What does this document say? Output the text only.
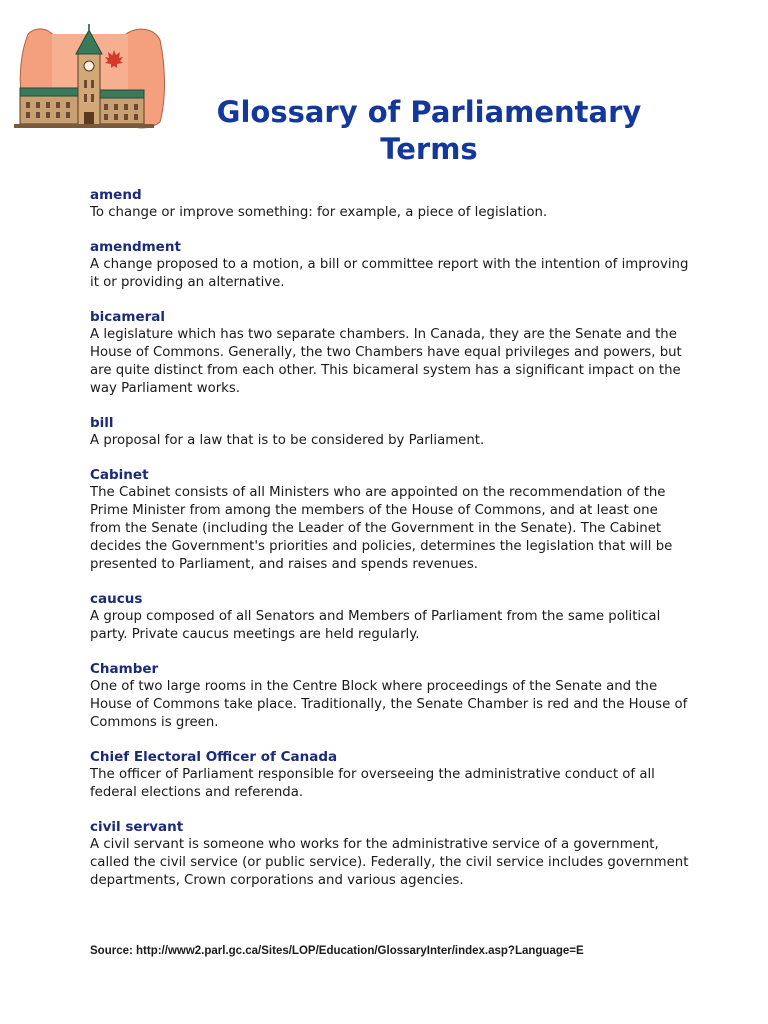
Glossary of Parliamentary
Terms
amend
To change or improve something: for example, a piece of legislation.
amendment
A change proposed to a motion, a bill or committee report with the intention of improving it or providing an alternative.
bicameral
A legislature which has two separate chambers. In Canada, they are the Senate and the House of Commons. Generally, the two Chambers have equal privileges and powers, but are quite distinct from each other. This bicameral system has a significant impact on the way Parliament works.
bill
A proposal for a law that is to be considered by Parliament.
Cabinet
The Cabinet consists of all Ministers who are appointed on the recommendation of the Prime Minister from among the members of the House of Commons, and at least one from the Senate (including the Leader of the Government in the Senate). The Cabinet decides the Government's priorities and policies, determines the legislation that will be presented to Parliament, and raises and spends revenues.
caucus
A group composed of all Senators and Members of Parliament from the same political party. Private caucus meetings are held regularly.
Chamber
One of two large rooms in the Centre Block where proceedings of the Senate and the House of Commons take place. Traditionally, the Senate Chamber is red and the House of Commons is green.
Chief Electoral Officer of Canada
The officer of Parliament responsible for overseeing the administrative conduct of all federal elections and referenda.
civil servant
A civil servant is someone who works for the administrative service of a government, called the civil service (or public service). Federally, the civil service includes government departments, Crown corporations and various agencies.
Source: http://www2.parl.gc.ca/Sites/LOP/Education/GlossaryInter/index.asp?Language=E
